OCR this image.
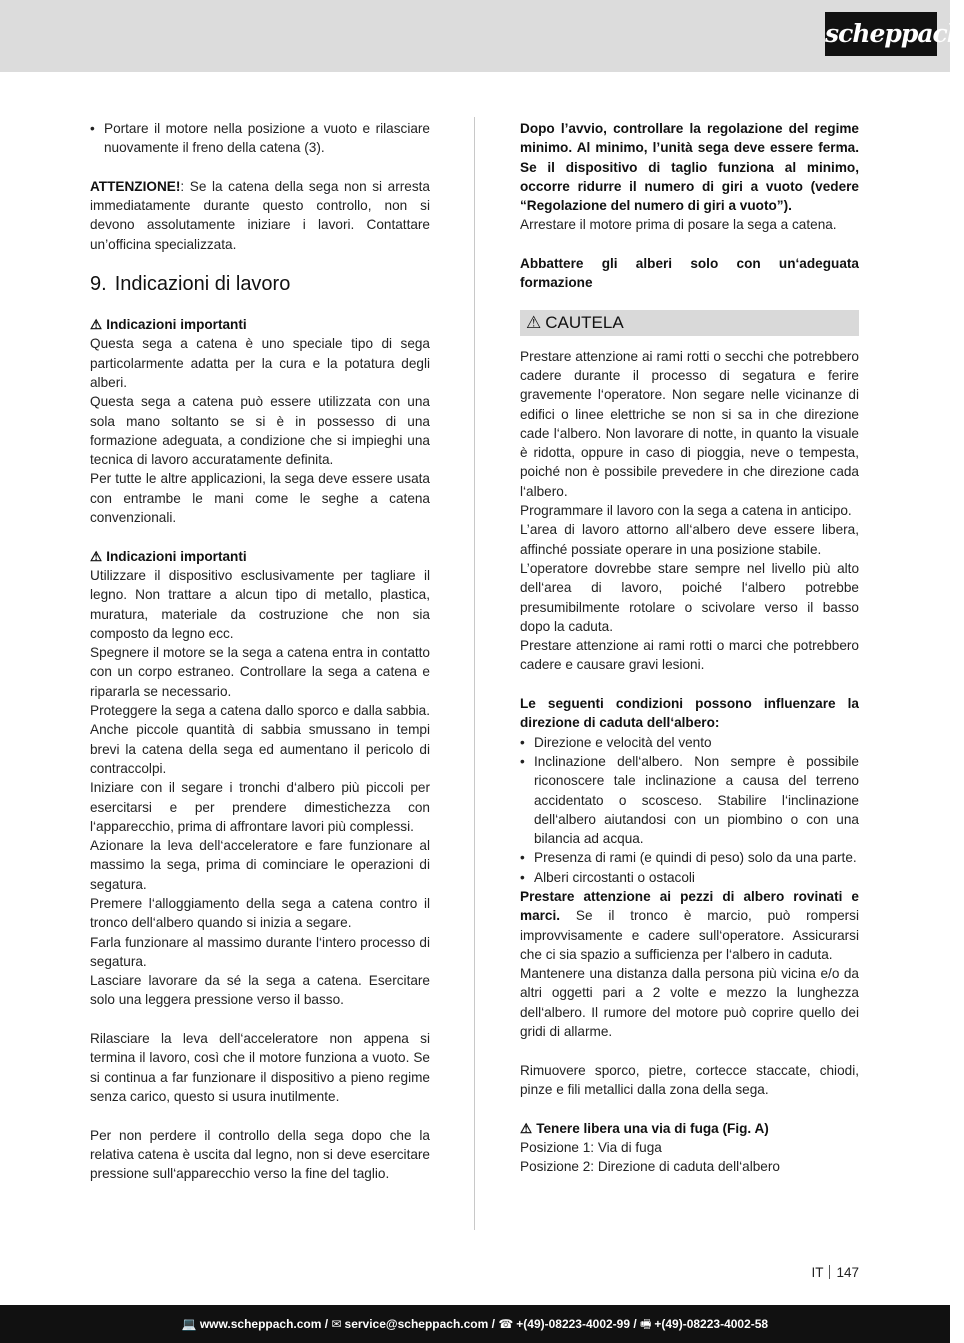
scheppach

• Portare il motore nella posizione a vuoto e rilasciare nuovamente il freno della catena (3).

ATTENZIONE!: Se la catena della sega non si arresta immediatamente durante questo controllo, non si devono assolutamente iniziare i lavori. Contattare un’officina specializzata.

9. Indicazioni di lavoro

⚠ Indicazioni importanti

Questa sega a catena è uno speciale tipo di sega particolarmente adatta per la cura e la potatura degli alberi.

Questa sega a catena può essere utilizzata con una sola mano soltanto se si è in possesso di una formazione adeguata, a condizione che si impieghi una tecnica di lavoro accuratamente definita.

Per tutte le altre applicazioni, la sega deve essere usata con entrambe le mani come le seghe a catena convenzionali.

⚠ Indicazioni importanti

Utilizzare il dispositivo esclusivamente per tagliare il legno. Non trattare a alcun tipo di metallo, plastica, muratura, materiale da costruzione che non sia composto da legno ecc.

Spegnere il motore se la sega a catena entra in contatto con un corpo estraneo. Controllare la sega a catena e ripararla se necessario.

Proteggere la sega a catena dallo sporco e dalla sabbia. Anche piccole quantità di sabbia smussano in tempi brevi la catena della sega ed aumentano il pericolo di contraccolpi.

Iniziare con il segare i tronchi d‘albero più piccoli per esercitarsi e per prendere dimestichezza con l‘apparecchio, prima di affrontare lavori più complessi.

Azionare la leva dell‘acceleratore e fare funzionare al massimo la sega, prima di cominciare le operazioni di segatura.

Premere l‘alloggiamento della sega a catena contro il tronco dell‘albero quando si inizia a segare.

Farla funzionare al massimo durante l‘intero processo di segatura.

Lasciare lavorare da sé la sega a catena. Esercitare solo una leggera pressione verso il basso.

Rilasciare la leva dell‘acceleratore non appena si termina il lavoro, così che il motore funziona a vuoto. Se si continua a far funzionare il dispositivo a pieno regime senza carico, questo si usura inutilmente.

Per non perdere il controllo della sega dopo che la relativa catena è uscita dal legno, non si deve esercitare pressione sull‘apparecchio verso la fine del taglio.

Dopo l’avvio, controllare la regolazione del regime minimo. Al minimo, l’unità sega deve essere ferma. Se il dispositivo di taglio funziona al minimo, occorre ridurre il numero di giri a vuoto (vedere “Regolazione del numero di giri a vuoto”).

Arrestare il motore prima di posare la sega a catena.

Abbattere gli alberi solo con un‘adeguata formazione

⚠ CAUTELA

Prestare attenzione ai rami rotti o secchi che potrebbero cadere durante il processo di segatura e ferire gravemente l‘operatore. Non segare nelle vicinanze di edifici o linee elettriche se non si sa in che direzione cade l‘albero. Non lavorare di notte, in quanto la visuale è ridotta, oppure in caso di pioggia, neve o tempesta, poiché non è possibile prevedere in che direzione cada l‘albero.

Programmare il lavoro con la sega a catena in anticipo.

L’area di lavoro attorno all‘albero deve essere libera, affinché possiate operare in una posizione stabile.

L’operatore dovrebbe stare sempre nel livello più alto dell‘area di lavoro, poiché l‘albero potrebbe presumibilmente rotolare o scivolare verso il basso dopo la caduta.

Prestare attenzione ai rami rotti o marci che potrebbero cadere e causare gravi lesioni.

Le seguenti condizioni possono influenzare la direzione di caduta dell‘albero:

• Direzione e velocità del vento

• Inclinazione dell‘albero. Non sempre è possibile riconoscere tale inclinazione a causa del terreno accidentato o scosceso. Stabilire l‘inclinazione dell‘albero aiutandosi con un piombino o con una bilancia ad acqua.

• Presenza di rami (e quindi di peso) solo da una parte.

• Alberi circostanti o ostacoli

Prestare attenzione ai pezzi di albero rovinati e marci. Se il tronco è marcio, può rompersi improvvisamente e cadere sull‘operatore. Assicurarsi che ci sia spazio a sufficienza per l‘albero in caduta.

Mantenere una distanza dalla persona più vicina e/o da altri oggetti pari a 2 volte e mezzo la lunghezza dell‘albero. Il rumore del motore può coprire quello dei gridi di allarme.

Rimuovere sporco, pietre, cortecce staccate, chiodi, pinze e fili metallici dalla zona della sega.

⚠ Tenere libera una via di fuga (Fig. A)

Posizione 1: Via di fuga

Posizione 2: Direzione di caduta dell‘albero

IT 147
💻 www.scheppach.com / ✉ service@scheppach.com / ☎ +(49)-08223-4002-99 / 🖷 +(49)-08223-4002-58
